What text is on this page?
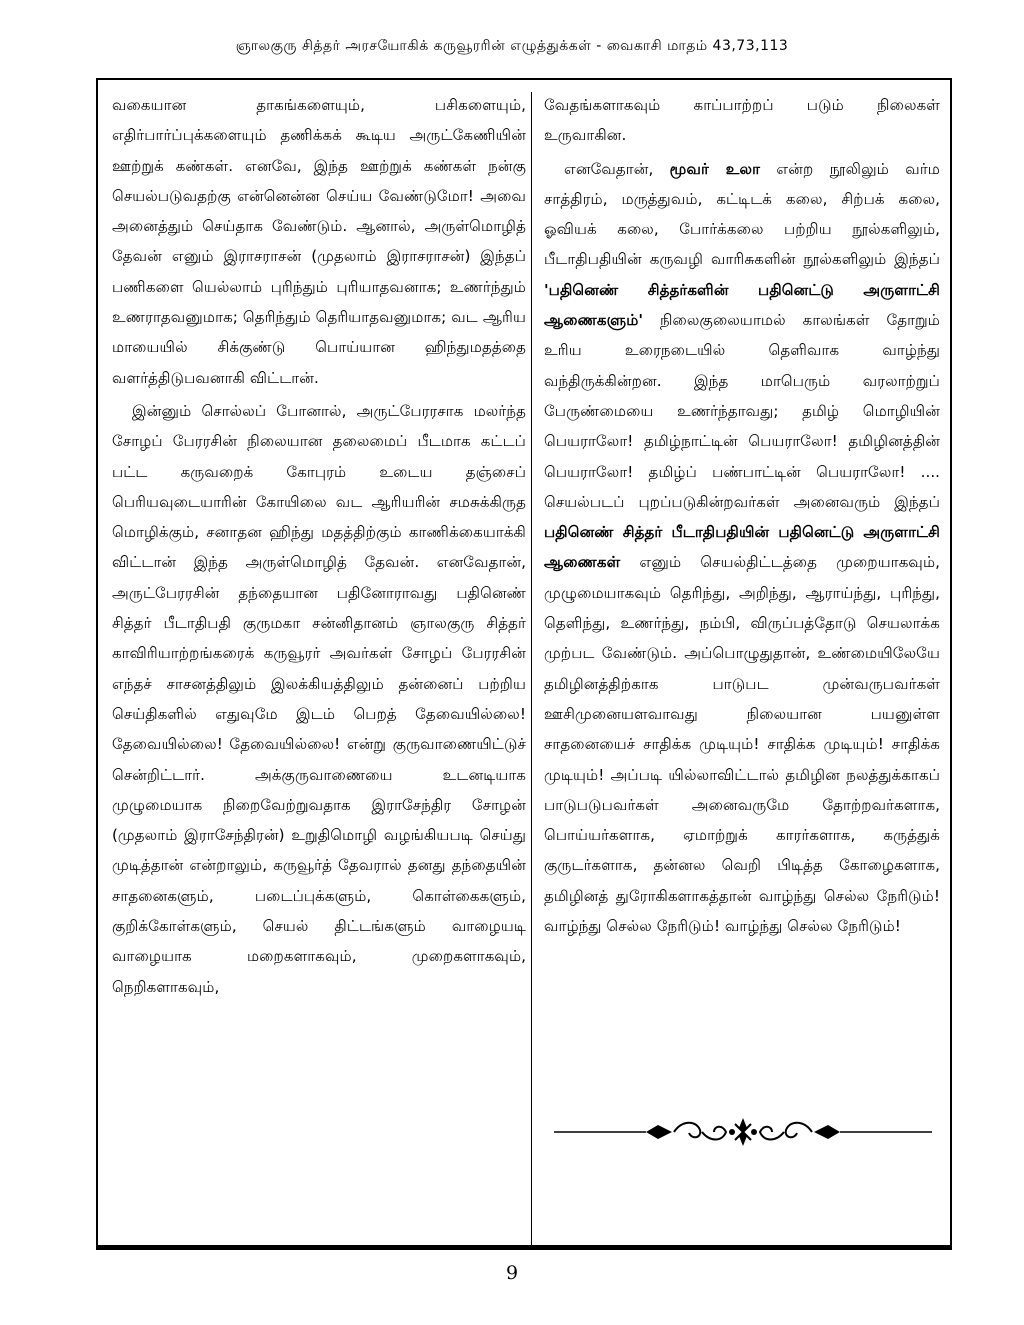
ஞாலகுரு சித்தர் அரசயோகிக் கருவூரரின் எழுத்துக்கள் - வைகாசி மாதம் 43,73,113

வகையான தாகங்களையும், பசிகளையும், எதிர்பார்ப்புக்களையும் தணிக்கக் கூடிய அருட்கேணியின் ஊற்றுக் கண்கள். எனவே, இந்த ஊற்றுக் கண்கள் நன்கு செயல்படுவதற்கு என்னென்ன செய்ய வேண்டுமோ! அவை அனைத்தும் செய்தாக வேண்டும். ஆனால், அருள்மொழித் தேவன் எனும் இராசராசன் (முதலாம் இராசராசன்) இந்தப் பணிகளை யெல்லாம் புரிந்தும் புரியாதவனாக; உணர்ந்தும் உணராதவனுமாக; தெரிந்தும் தெரியாதவனுமாக; வட ஆரிய மாயையில் சிக்குண்டு பொய்யான ஹிந்துமதத்தை வளர்த்திடுபவனாகி விட்டான்.

இன்னும் சொல்லப் போனால், அருட்பேரரசாக மலர்ந்த சோழப் பேரரசின் நிலையான தலைமைப் பீடமாக கட்டப் பட்ட கருவறைக் கோபுரம் உடைய தஞ்சைப் பெரியவுடையாரின் கோயிலை வட ஆரியரின் சமசுக்கிருத மொழிக்கும், சனாதன ஹிந்து மதத்திற்கும் காணிக்கையாக்கி விட்டான் இந்த அருள்மொழித் தேவன். எனவேதான், அருட்பேரரசின் தந்தையான பதினோராவது பதினெண் சித்தர் பீடாதிபதி குருமகா சன்னிதானம் ஞாலகுரு சித்தர் காவிரியாற்றங்கரைக் கருவூரர் அவர்கள் சோழப் பேரரசின் எந்தச் சாசனத்திலும் இலக்கியத்திலும் தன்னைப் பற்றிய செய்திகளில் எதுவுமே இடம் பெறத் தேவையில்லை! தேவையில்லை! தேவையில்லை! என்று குருவாணையிட்டுச் சென்றிட்டார். அக்குருவாணையை உடனடியாக முழுமையாக நிறைவேற்றுவதாக இராசேந்திர சோழன் (முதலாம் இராசேந்திரன்) உறுதிமொழி வழங்கியபடி செய்து முடித்தான் என்றாலும், கருவூர்த் தேவரால் தனது தந்தையின் சாதனைகளும், படைப்புக்களும், கொள்கைகளும், குறிக்கோள்களும், செயல் திட்டங்களும் வாழையடி வாழையாக மறைகளாகவும், முறைகளாகவும், நெறிகளாகவும்,

வேதங்களாகவும் காப்பாற்றப் படும் நிலைகள் உருவாகின.

எனவேதான், மூவர் உலா என்ற நூலிலும் வர்ம சாத்திரம், மருத்துவம், கட்டிடக் கலை, சிற்பக் கலை, ஓவியக் கலை, போர்க்கலை பற்றிய நூல்களிலும், பீடாதிபதியின் கருவழி வாரிசுகளின் நூல்களிலும் இந்தப் 'பதினெண் சித்தர்களின் பதினெட்டு அருளாட்சி ஆணைகளும்' நிலைகுலையாமல் காலங்கள் தோறும் உரிய உரைநடையில் தெளிவாக வாழ்ந்து வந்திருக்கின்றன. இந்த மாபெரும் வரலாற்றுப் பேருண்மையை உணர்ந்தாவது; தமிழ் மொழியின் பெயராலோ! தமிழ்நாட்டின் பெயராலோ! தமிழினத்தின் பெயராலோ! தமிழ்ப் பண்பாட்டின் பெயராலோ! .... செயல்படப் புறப்படுகின்றவர்கள் அனைவரும் இந்தப் பதினெண் சித்தர் பீடாதிபதியின் பதினெட்டு அருளாட்சி ஆணைகள் எனும் செயல்திட்டத்தை முறையாகவும், முழுமையாகவும் தெரிந்து, அறிந்து, ஆராய்ந்து, புரிந்து, தெளிந்து, உணர்ந்து, நம்பி, விருப்பத்தோடு செயலாக்க முற்பட வேண்டும். அப்பொழுதுதான், உண்மையிலேயே தமிழினத்திற்காக பாடுபட முன்வருபவர்கள் ஊசிமுனையளவாவது நிலையான பயனுள்ள சாதனையைச் சாதிக்க முடியும்! சாதிக்க முடியும்! சாதிக்க முடியும்! அப்படி யில்லாவிட்டால் தமிழின நலத்துக்காகப் பாடுபடுபவர்கள் அனைவருமே தோற்றவர்களாக, பொய்யர்களாக, ஏமாற்றுக் காரர்களாக, கருத்துக் குருடர்களாக, தன்னல வெறி பிடித்த கோழைகளாக, தமிழினத் துரோகிகளாகத்தான் வாழ்ந்து செல்ல நேரிடும்! வாழ்ந்து செல்ல நேரிடும்! வாழ்ந்து செல்ல நேரிடும்!

9
